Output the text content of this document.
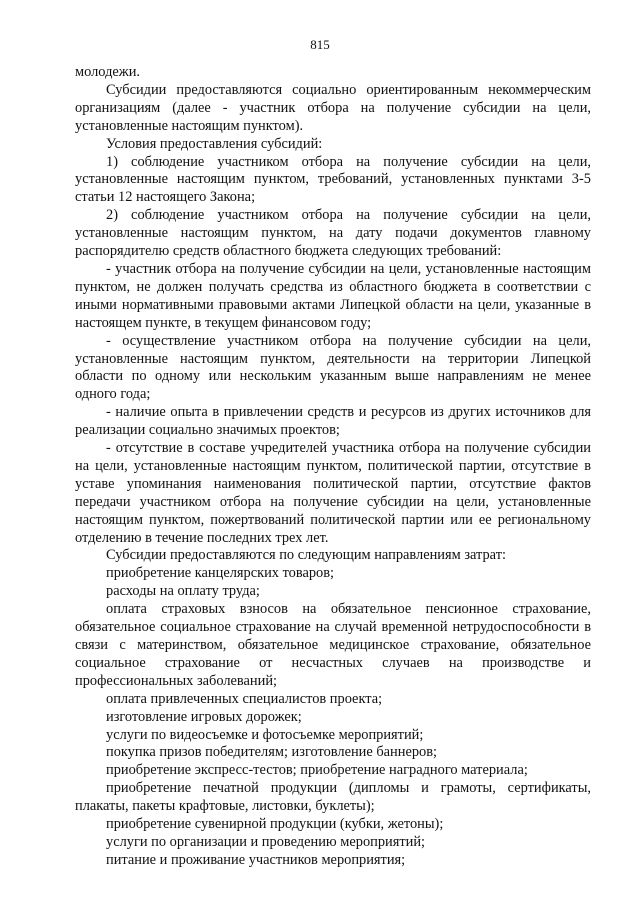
815

молодежи.

Субсидии предоставляются социально ориентированным некоммерческим организациям (далее - участник отбора на получение субсидии на цели, установленные настоящим пунктом).

Условия предоставления субсидий:

1) соблюдение участником отбора на получение субсидии на цели, установленные настоящим пунктом, требований, установленных пунктами 3-5 статьи 12 настоящего Закона;

2) соблюдение участником отбора на получение субсидии на цели, установленные настоящим пунктом, на дату подачи документов главному распорядителю средств областного бюджета следующих требований:

- участник отбора на получение субсидии на цели, установленные настоящим пунктом, не должен получать средства из областного бюджета в соответствии с иными нормативными правовыми актами Липецкой области на цели, указанные в настоящем пункте, в текущем финансовом году;

- осуществление участником отбора на получение субсидии на цели, установленные настоящим пунктом, деятельности на территории Липецкой области по одному или нескольким указанным выше направлениям не менее одного года;

- наличие опыта в привлечении средств и ресурсов из других источников для реализации социально значимых проектов;

- отсутствие в составе учредителей участника отбора на получение субсидии на цели, установленные настоящим пунктом, политической партии, отсутствие в уставе упоминания наименования политической партии, отсутствие фактов передачи участником отбора на получение субсидии на цели, установленные настоящим пунктом, пожертвований политической партии или ее региональному отделению в течение последних трех лет.

Субсидии предоставляются по следующим направлениям затрат:

приобретение канцелярских товаров;

расходы на оплату труда;

оплата страховых взносов на обязательное пенсионное страхование, обязательное социальное страхование на случай временной нетрудоспособности в связи с материнством, обязательное медицинское страхование, обязательное социальное страхование от несчастных случаев на производстве и профессиональных заболеваний;

оплата привлеченных специалистов проекта;

изготовление игровых дорожек;

услуги по видеосъемке и фотосъемке мероприятий;

покупка призов победителям; изготовление баннеров;

приобретение экспресс-тестов; приобретение наградного материала;

приобретение печатной продукции (дипломы и грамоты, сертификаты, плакаты, пакеты крафтовые, листовки, буклеты);

приобретение сувенирной продукции (кубки, жетоны);

услуги по организации и проведению мероприятий;

питание и проживание участников мероприятия;
